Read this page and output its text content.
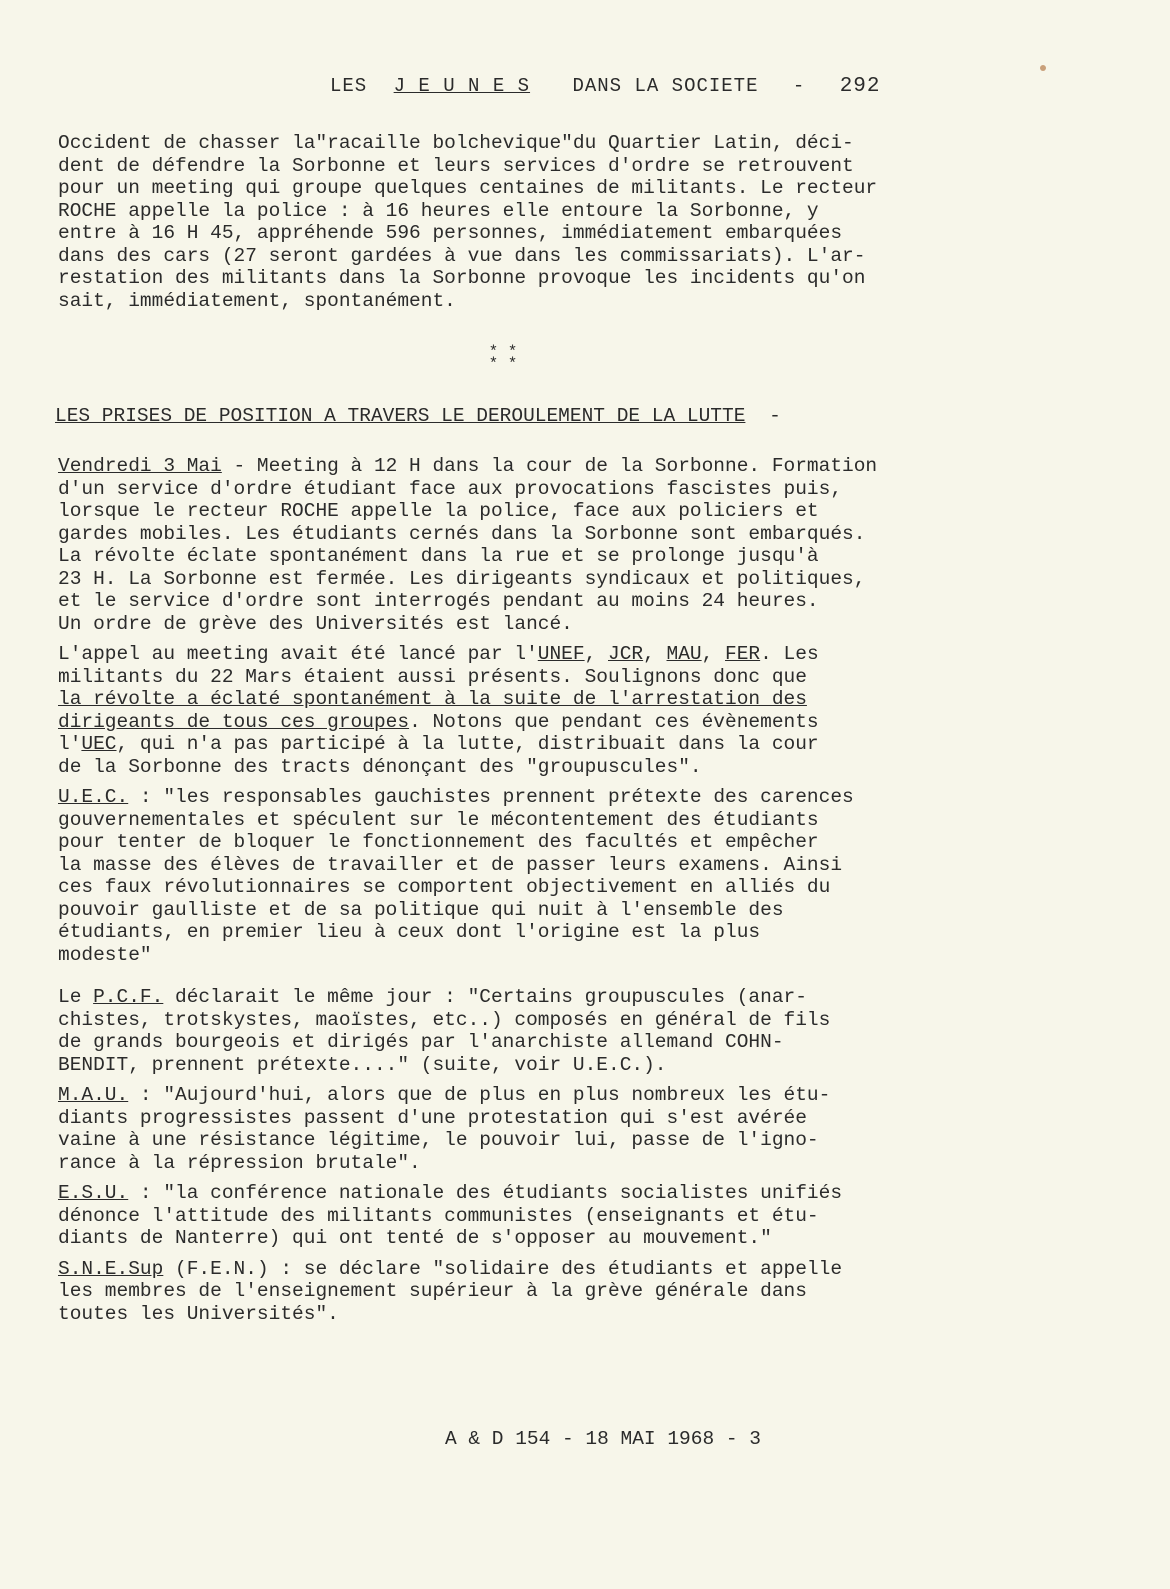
LES J E U N E S DANS LA SOCIETE - 292

Occident de chasser la"racaille bolchevique"du Quartier Latin, déci-

dent de défendre la Sorbonne et leurs services d'ordre se retrouvent

pour un meeting qui groupe quelques centaines de militants. Le recteur

ROCHE appelle la police : à 16 heures elle entoure la Sorbonne, y

entre à 16 H 45, appréhende 596 personnes, immédiatement embarquées

dans des cars (27 seront gardées à vue dans les commissariats). L'ar-

restation des militants dans la Sorbonne provoque les incidents qu'on

sait, immédiatement, spontanément.

* * * *
LES PRISES DE POSITION A TRAVERS LE DEROULEMENT DE LA LUTTE -

Vendredi 3 Mai - Meeting à 12 H dans la cour de la Sorbonne. Formation

d'un service d'ordre étudiant face aux provocations fascistes puis,

lorsque le recteur ROCHE appelle la police, face aux policiers et

gardes mobiles. Les étudiants cernés dans la Sorbonne sont embarqués.

La révolte éclate spontanément dans la rue et se prolonge jusqu'à

23 H. La Sorbonne est fermée. Les dirigeants syndicaux et politiques,

et le service d'ordre sont interrogés pendant au moins 24 heures.

Un ordre de grève des Universités est lancé.

L'appel au meeting avait été lancé par l'UNEF, JCR, MAU, FER. Les

militants du 22 Mars étaient aussi présents. Soulignons donc que

la révolte a éclaté spontanément à la suite de l'arrestation des

dirigeants de tous ces groupes. Notons que pendant ces évènements

l'UEC, qui n'a pas participé à la lutte, distribuait dans la cour

de la Sorbonne des tracts dénonçant des "groupuscules".

U.E.C. : "les responsables gauchistes prennent prétexte des carences

gouvernementales et spéculent sur le mécontentement des étudiants

pour tenter de bloquer le fonctionnement des facultés et empêcher

la masse des élèves de travailler et de passer leurs examens. Ainsi

ces faux révolutionnaires se comportent objectivement en alliés du

pouvoir gaulliste et de sa politique qui nuit à l'ensemble des

étudiants, en premier lieu à ceux dont l'origine est la plus

modeste"

Le P.C.F. déclarait le même jour : "Certains groupuscules (anar-

chistes, trotskystes, maoïstes, etc..) composés en général de fils

de grands bourgeois et dirigés par l'anarchiste allemand COHN-

BENDIT, prennent prétexte...." (suite, voir U.E.C.).

M.A.U. : "Aujourd'hui, alors que de plus en plus nombreux les étu-

diants progressistes passent d'une protestation qui s'est avérée

vaine à une résistance légitime, le pouvoir lui, passe de l'igno-

rance à la répression brutale".

E.S.U. : "la conférence nationale des étudiants socialistes unifiés

dénonce l'attitude des militants communistes (enseignants et étu-

diants de Nanterre) qui ont tenté de s'opposer au mouvement."

S.N.E.Sup (F.E.N.) : se déclare "solidaire des étudiants et appelle

les membres de l'enseignement supérieur à la grève générale dans

toutes les Universités".

A & D 154 - 18 MAI 1968 - 3
